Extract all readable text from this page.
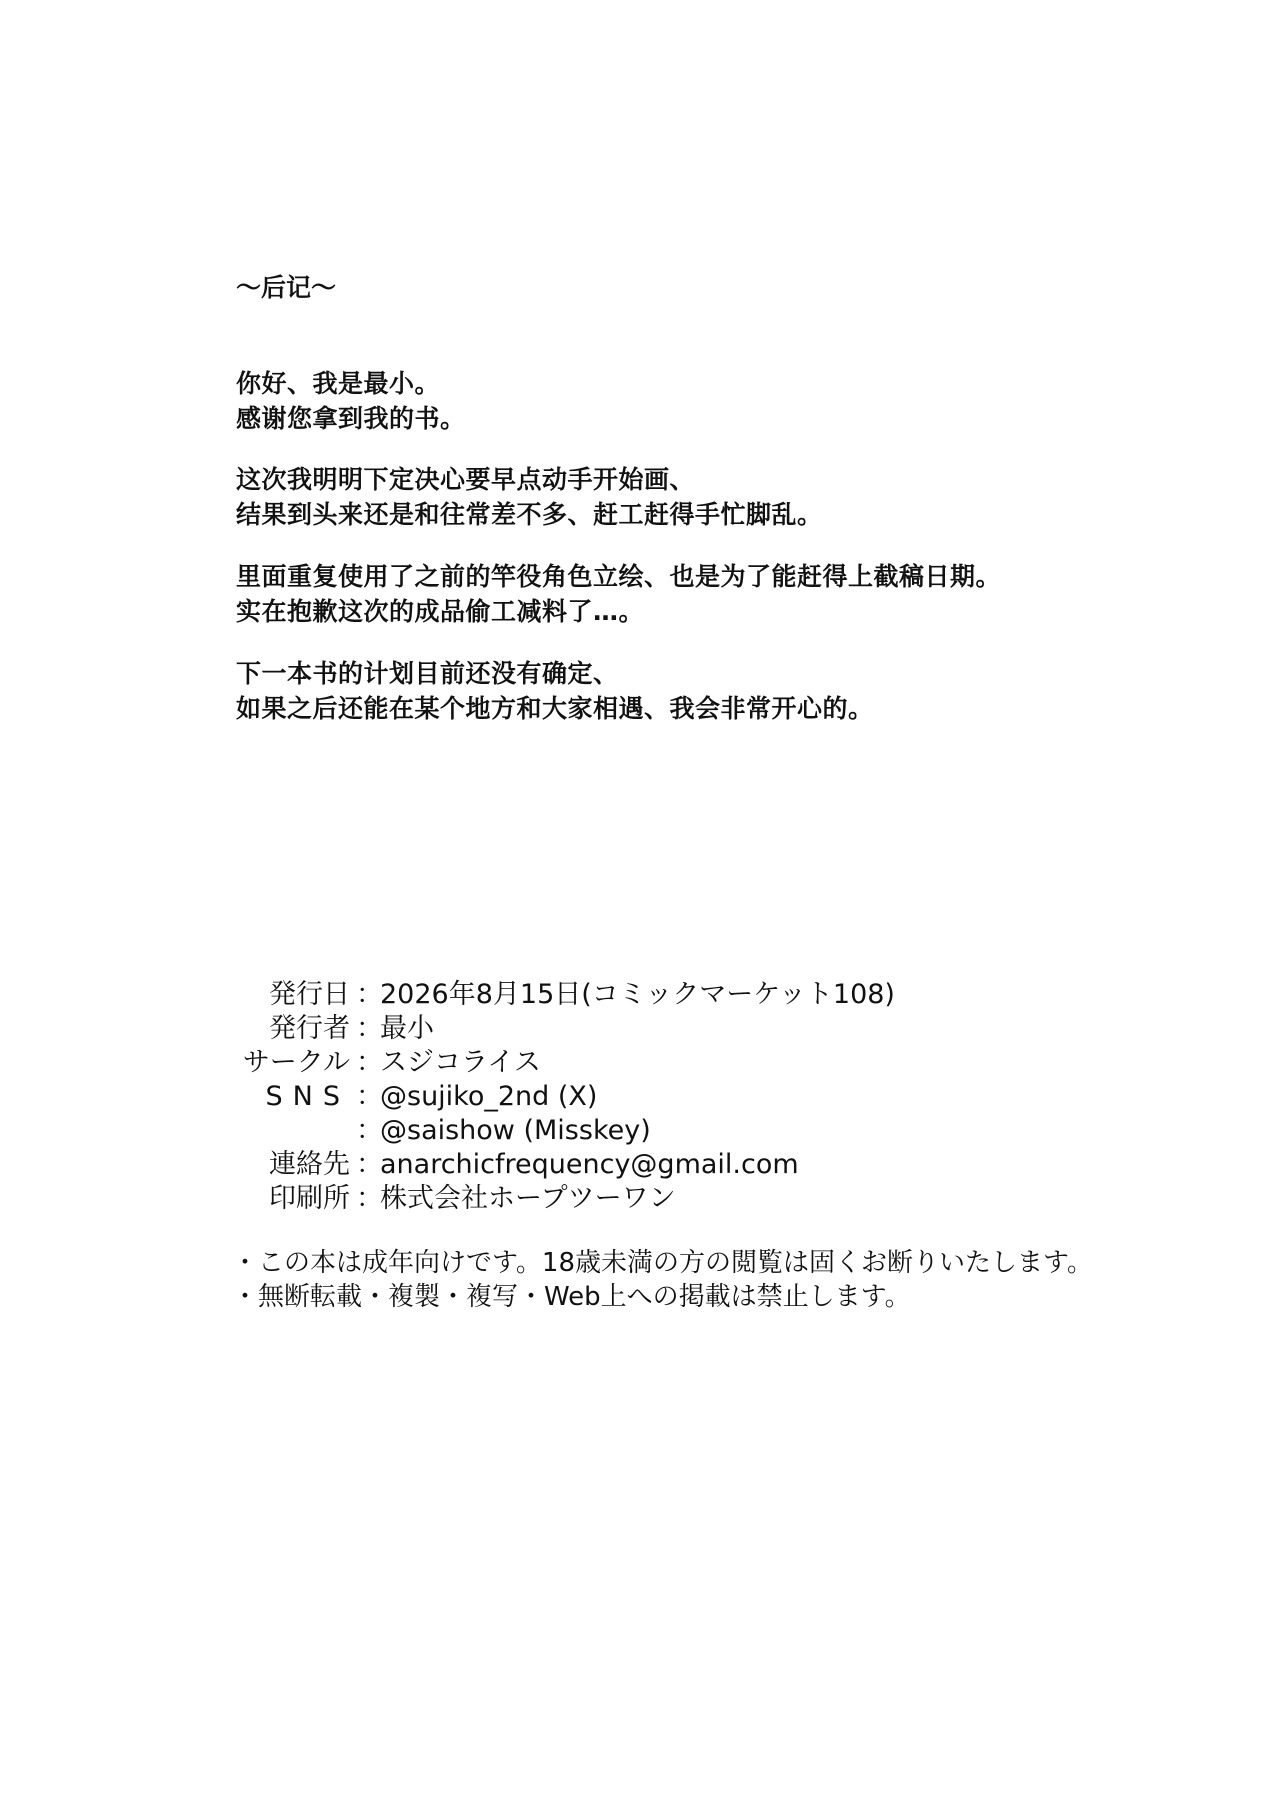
〜后记〜

你好、我是最小。
感谢您拿到我的书。

这次我明明下定决心要早点动手开始画、
结果到头来还是和往常差不多、赶工赶得手忙脚乱。

里面重复使用了之前的竿役角色立绘、也是为了能赶得上截稿日期。
实在抱歉这次的成品偷工减料了…。

下一本书的计划目前还没有确定、
如果之后还能在某个地方和大家相遇、我会非常开心的。

発行日 ：
2026年8月15日(コミックマーケット108)
発行者 ：
最小
サークル ：
スジコライス
SNS ：
@sujiko_2nd (X)
：
@saishow (Misskey)
連絡先 ：
anarchicfrequency@gmail.com
印刷所 ：
株式会社ホープツーワン
・この本は成年向けです。18歳未満の方の閲覧は固くお断りいたします。
・無断転載・複製・複写・Web上への掲載は禁止します。
